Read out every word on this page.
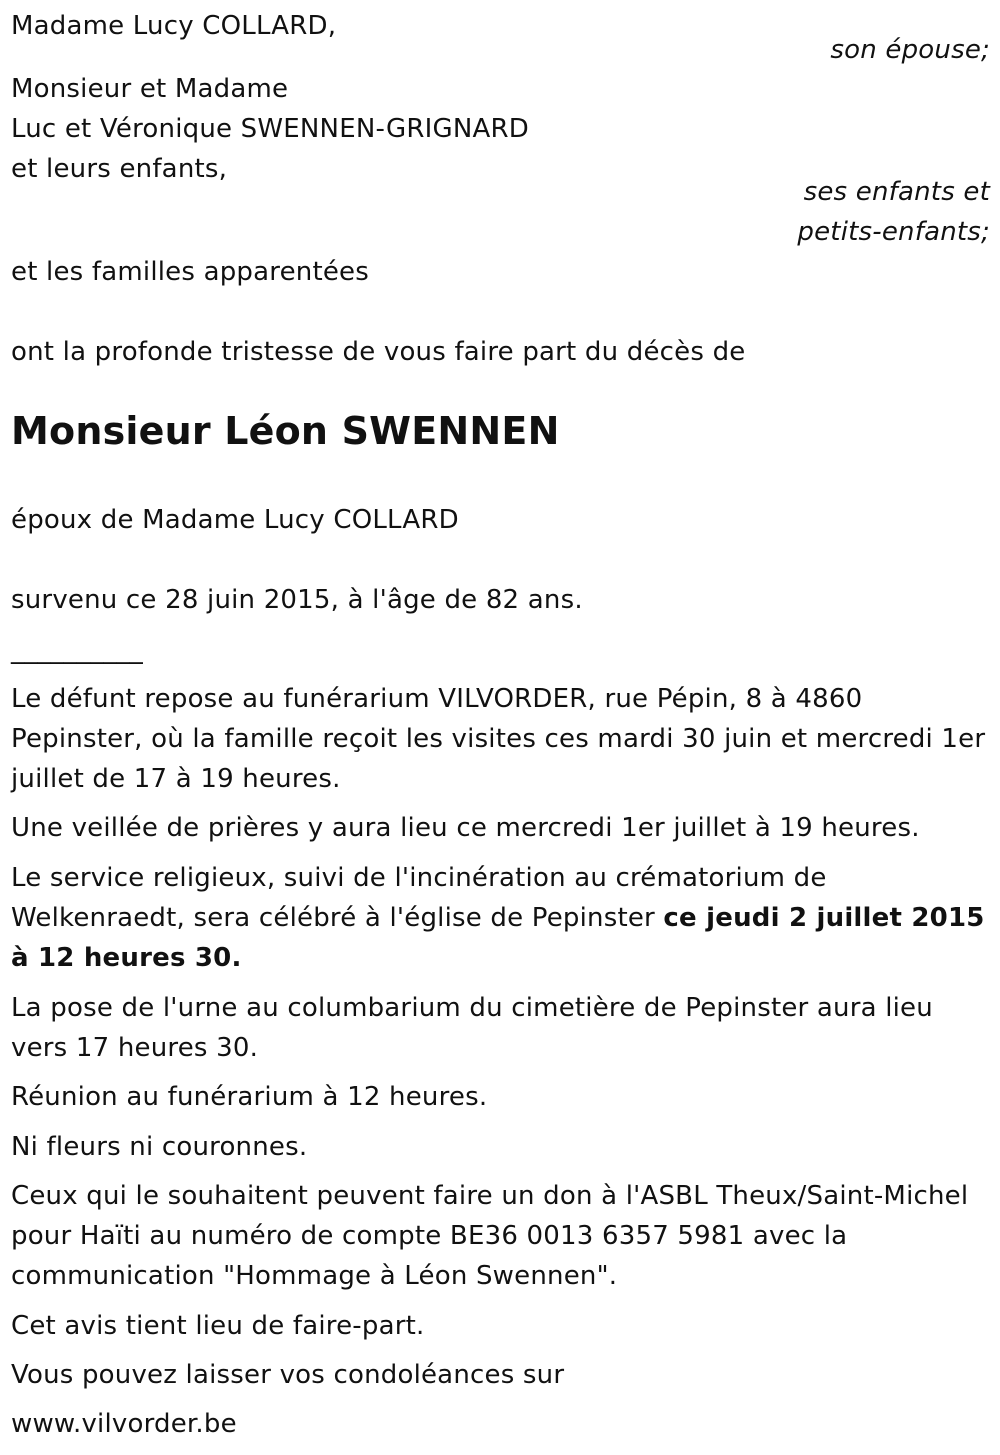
Madame Lucy COLLARD,
son épouse;
Monsieur et Madame
Luc et Véronique SWENNEN-GRIGNARD
et leurs enfants,
ses enfants et
petits-enfants;
et les familles apparentées
ont la profonde tristesse de vous faire part du décès de
Monsieur Léon SWENNEN
époux de Madame Lucy COLLARD
survenu ce 28 juin 2015, à l'âge de 82 ans.
__________
Le défunt repose au funérarium VILVORDER, rue Pépin, 8 à 4860 Pepinster, où la famille reçoit les visites ces mardi 30 juin et mercredi 1er juillet de 17 à 19 heures.
Une veillée de prières y aura lieu ce mercredi 1er juillet à 19 heures.
Le service religieux, suivi de l'incinération au crématorium de Welkenraedt, sera célébré à l'église de Pepinster ce jeudi 2 juillet 2015 à 12 heures 30.
La pose de l'urne au columbarium du cimetière de Pepinster aura lieu vers 17 heures 30.
Réunion au funérarium à 12 heures.
Ni fleurs ni couronnes.
Ceux qui le souhaitent peuvent faire un don à l'ASBL Theux/Saint-Michel pour Haïti au numéro de compte BE36 0013 6357 5981 avec la communication "Hommage à Léon Swennen".
Cet avis tient lieu de faire-part.
Vous pouvez laisser vos condoléances sur
www.vilvorder.be
